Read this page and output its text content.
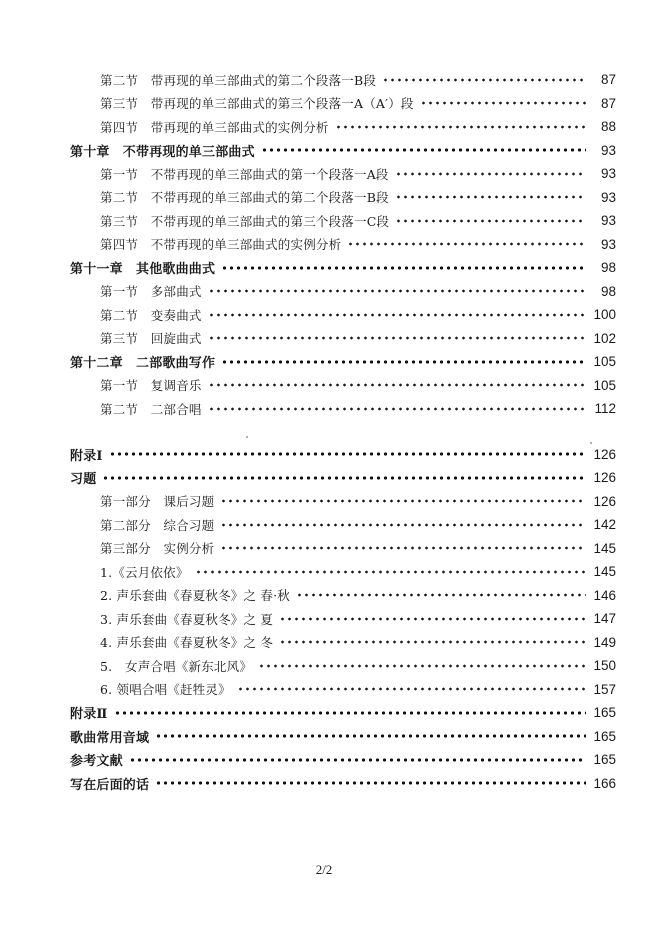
第二节　带再现的单三部曲式的第二个段落一B段	87
第三节　带再现的单三部曲式的第三个段落一A（A′）段	87
第四节　带再现的单三部曲式的实例分析	88
第十章　不带再现的单三部曲式	93
第一节　不带再现的单三部曲式的第一个段落一A段	93
第二节　不带再现的单三部曲式的第二个段落一B段	93
第三节　不带再现的单三部曲式的第三个段落一C段	93
第四节　不带再现的单三部曲式的实例分析	93
第十一章　其他歌曲曲式	98
第一节　多部曲式	98
第二节　变奏曲式	100
第三节　回旋曲式	102
第十二章　二部歌曲写作	105
第一节　复调音乐	105
第二节　二部合唱	112
附录Ⅰ	126
习题	126
第一部分　课后习题	126
第二部分　综合习题	142
第三部分　实例分析	145
1.《云月依依》	145
2. 声乐套曲《春夏秋冬》之 春·秋	146
3. 声乐套曲《春夏秋冬》之 夏	147
4. 声乐套曲《春夏秋冬》之 冬	149
5.　女声合唱《新东北风》	150
6. 领唱合唱《赶牲灵》	157
附录Ⅱ	165
歌曲常用音域	165
参考文献	165
写在后面的话	166
2/2
